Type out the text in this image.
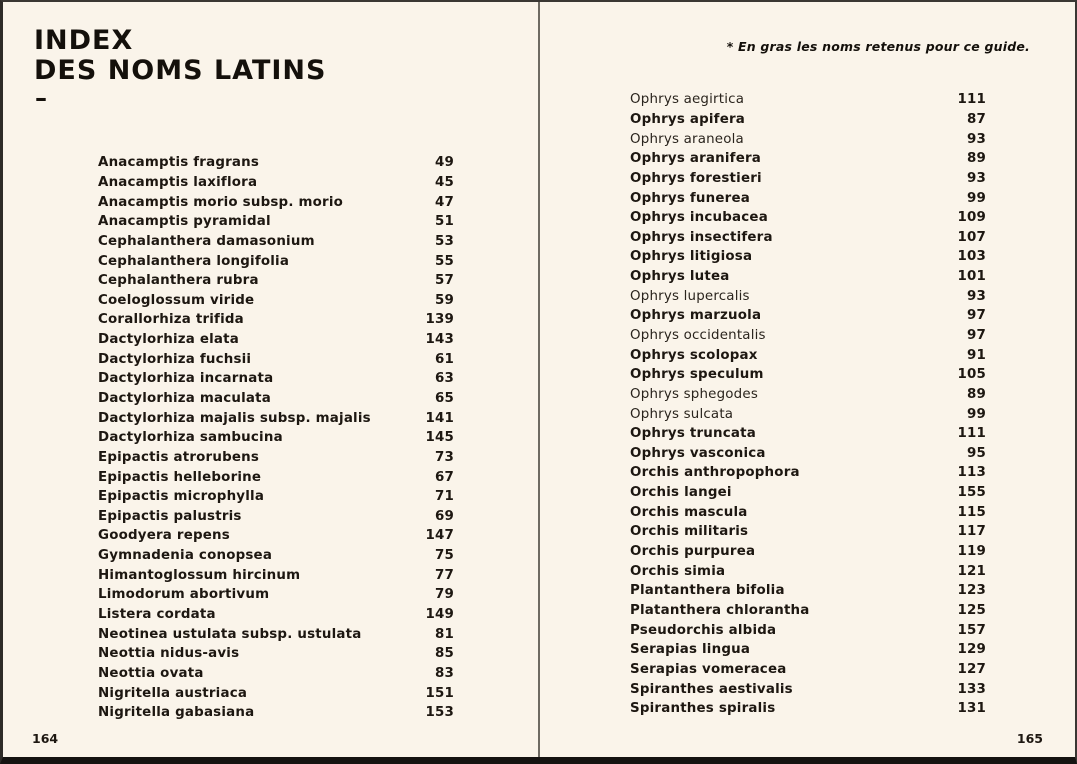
INDEX
DES NOMS LATINS
–
Anacamptis fragrans	49
Anacamptis laxiflora	45
Anacamptis morio subsp. morio	47
Anacamptis pyramidal	51
Cephalanthera damasonium	53
Cephalanthera longifolia	55
Cephalanthera rubra	57
Coeloglossum viride	59
Corallorhiza trifida	139
Dactylorhiza elata	143
Dactylorhiza fuchsii	61
Dactylorhiza incarnata	63
Dactylorhiza maculata	65
Dactylorhiza majalis subsp. majalis	141
Dactylorhiza sambucina	145
Epipactis atrorubens	73
Epipactis helleborine	67
Epipactis microphylla	71
Epipactis palustris	69
Goodyera repens	147
Gymnadenia conopsea	75
Himantoglossum hircinum	77
Limodorum abortivum	79
Listera cordata	149
Neotinea ustulata subsp. ustulata	81
Neottia nidus-avis	85
Neottia ovata	83
Nigritella austriaca	151
Nigritella gabasiana	153
164
* En gras les noms retenus pour ce guide.
Ophrys aegirtica	111
Ophrys apifera	87
Ophrys araneola	93
Ophrys aranifera	89
Ophrys forestieri	93
Ophrys funerea	99
Ophrys incubacea	109
Ophrys insectifera	107
Ophrys litigiosa	103
Ophrys lutea	101
Ophrys lupercalis	93
Ophrys marzuola	97
Ophrys occidentalis	97
Ophrys scolopax	91
Ophrys speculum	105
Ophrys sphegodes	89
Ophrys sulcata	99
Ophrys truncata	111
Ophrys vasconica	95
Orchis anthropophora	113
Orchis langei	155
Orchis mascula	115
Orchis militaris	117
Orchis purpurea	119
Orchis simia	121
Plantanthera bifolia	123
Platanthera chlorantha	125
Pseudorchis albida	157
Serapias lingua	129
Serapias vomeracea	127
Spiranthes aestivalis	133
Spiranthes spiralis	131
165
